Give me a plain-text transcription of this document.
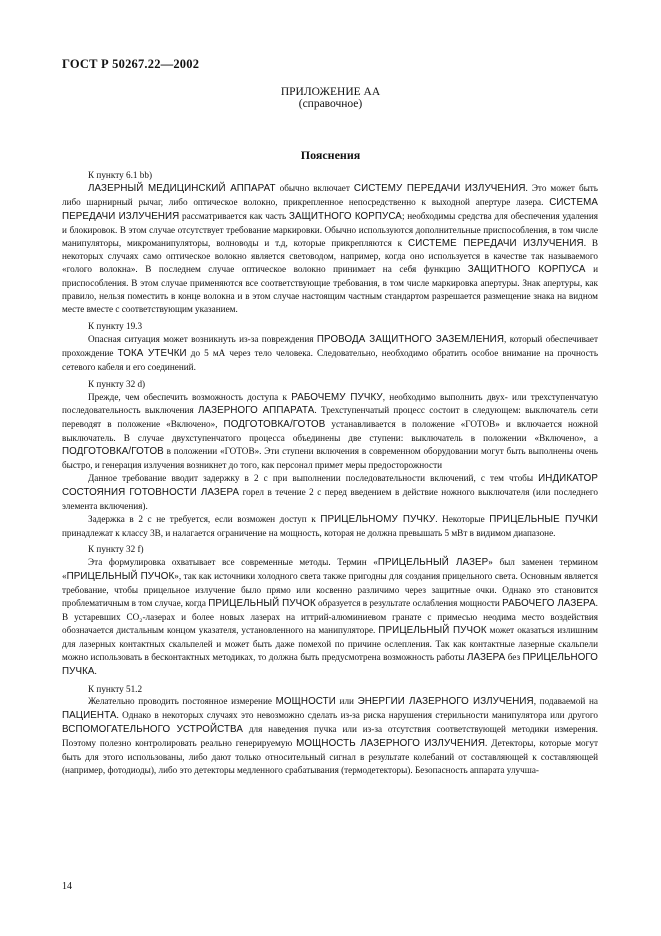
ГОСТ Р 50267.22—2002
ПРИЛОЖЕНИЕ АА
(справочное)
Пояснения

К пункту 6.1 bb)

ЛАЗЕРНЫЙ МЕДИЦИНСКИЙ АППАРАТ обычно включает СИСТЕМУ ПЕРЕДАЧИ ИЗЛУЧЕНИЯ. Это может быть либо шарнирный рычаг, либо оптическое волокно, прикрепленное непосредственно к выходной апертуре лазера. СИСТЕМА ПЕРЕДАЧИ ИЗЛУЧЕНИЯ рассматривается как часть ЗАЩИТНОГО КОРПУСА; необходимы средства для обеспечения удаления и блокировок. В этом случае отсутствует требование маркировки. Обычно используются дополнительные приспособления, в том числе манипуляторы, микроманипуляторы, волноводы и т.д, которые прикрепляются к СИСТЕМЕ ПЕРЕДАЧИ ИЗЛУЧЕНИЯ. В некоторых случаях само оптическое волокно является световодом, например, когда оно используется в качестве так называемого «голого волокна». В последнем случае оптическое волокно принимает на себя функцию ЗАЩИТНОГО КОРПУСА и приспособления. В этом случае применяются все соответствующие требования, в том числе маркировка апертуры. Знак апертуры, как правило, нельзя поместить в конце волокна и в этом случае настоящим частным стандартом разрешается размещение знака на видном месте вместе с соответствующим указанием.

К пункту 19.3

Опасная ситуация может возникнуть из-за повреждения ПРОВОДА ЗАЩИТНОГО ЗАЗЕМЛЕНИЯ, который обеспечивает прохождение ТОКА УТЕЧКИ до 5 мА через тело человека. Следовательно, необходимо обратить особое внимание на прочность сетевого кабеля и его соединений.

К пункту 32 d)

Прежде, чем обеспечить возможность доступа к РАБОЧЕМУ ПУЧКУ, необходимо выполнить двух- или трехступенчатую последовательность выключения ЛАЗЕРНОГО АППАРАТА. Трехступенчатый процесс состоит в следующем: выключатель сети переводят в положение «Включено», ПОДГОТОВКА/ГОТОВ устанавливается в положение «ГОТОВ» и включается ножной выключатель. В случае двухступенчатого процесса объединены две ступени: выключатель в положении «Включено», а ПОДГОТОВКА/ГОТОВ в положении «ГОТОВ». Эти ступени включения в современном оборудовании могут быть выполнены очень быстро, и генерация излучения возникнет до того, как персонал примет меры предосторожности

Данное требование вводит задержку в 2 с при выполнении последовательности включений, с тем чтобы ИНДИКАТОР СОСТОЯНИЯ ГОТОВНОСТИ ЛАЗЕРА горел в течение 2 с перед введением в действие ножного выключателя (или последнего элемента включения).

Задержка в 2 с не требуется, если возможен доступ к ПРИЦЕЛЬНОМУ ПУЧКУ. Некоторые ПРИЦЕЛЬНЫЕ ПУЧКИ принадлежат к классу 3В, и налагается ограничение на мощность, которая не должна превышать 5 мВт в видимом диапазоне.

К пункту 32 f)

Эта формулировка охватывает все современные методы. Термин «ПРИЦЕЛЬНЫЙ ЛАЗЕР» был заменен термином «ПРИЦЕЛЬНЫЙ ПУЧОК», так как источники холодного света также пригодны для создания прицельного света. Основным является требование, чтобы прицельное излучение было прямо или косвенно различимо через защитные очки. Однако это становится проблематичным в том случае, когда ПРИЦЕЛЬНЫЙ ПУЧОК образуется в результате ослабления мощности РАБОЧЕГО ЛАЗЕРА. В устаревших CO₂-лазерах и более новых лазерах на иттрий-алюминиевом гранате с примесью неодима место воздействия обозначается дистальным концом указателя, установленного на манипуляторе. ПРИЦЕЛЬНЫЙ ПУЧОК может оказаться излишним для лазерных контактных скальпелей и может быть даже помехой по причине ослепления. Так как контактные лазерные скальпели можно использовать в бесконтактных методиках, то должна быть предусмотрена возможность работы ЛАЗЕРА без ПРИЦЕЛЬНОГО ПУЧКА.

К пункту 51.2

Желательно проводить постоянное измерение МОЩНОСТИ или ЭНЕРГИИ ЛАЗЕРНОГО ИЗЛУЧЕНИЯ, подаваемой на ПАЦИЕНТА. Однако в некоторых случаях это невозможно сделать из-за риска нарушения стерильности манипулятора или другого ВСПОМОГАТЕЛЬНОГО УСТРОЙСТВА для наведения пучка или из-за отсутствия соответствующей методики измерения. Поэтому полезно контролировать реально генерируемую МОЩНОСТЬ ЛАЗЕРНОГО ИЗЛУЧЕНИЯ. Детекторы, которые могут быть для этого использованы, либо дают только относительный сигнал в результате колебаний от составляющей к составляющей (например, фотодиоды), либо это детекторы медленного срабатывания (термодетекторы). Безопасность аппарата улучша-

14
